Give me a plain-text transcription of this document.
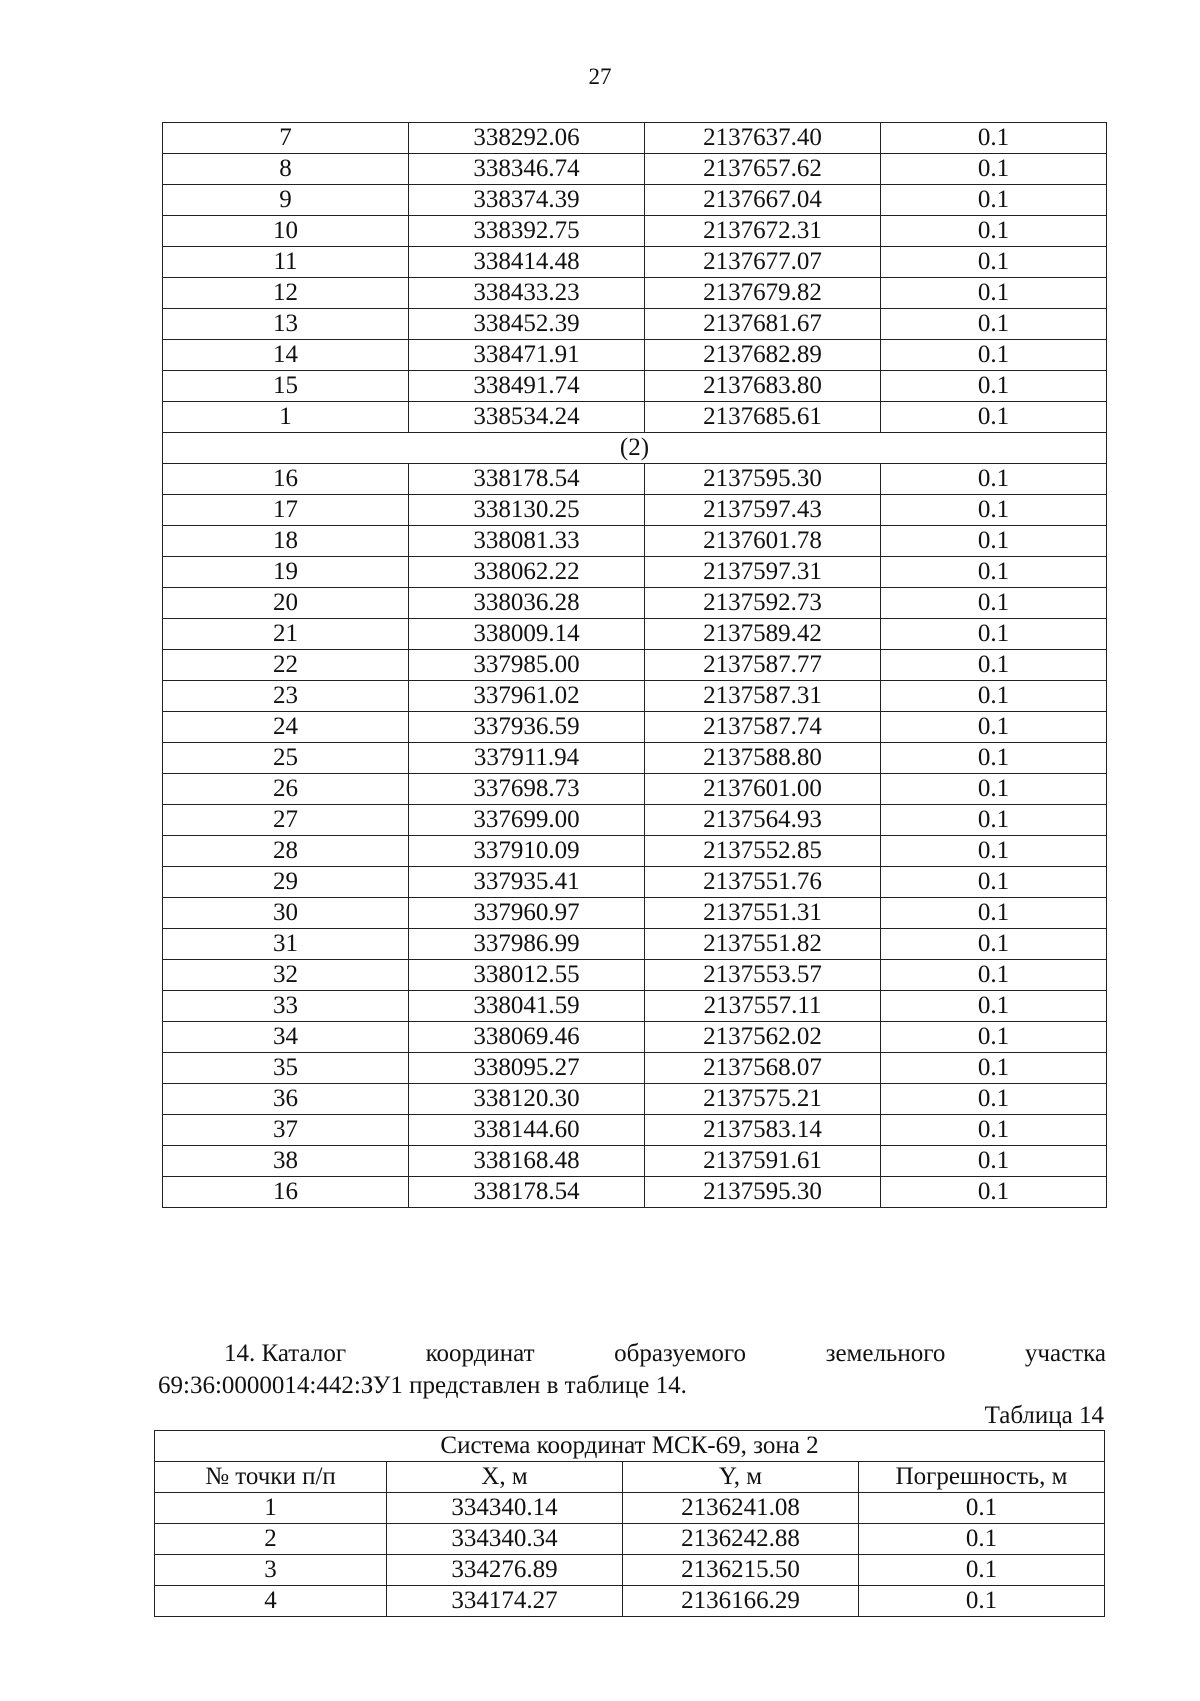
27
7	338292.06	2137637.40	0.1
8	338346.74	2137657.62	0.1
9	338374.39	2137667.04	0.1
10	338392.75	2137672.31	0.1
11	338414.48	2137677.07	0.1
12	338433.23	2137679.82	0.1
13	338452.39	2137681.67	0.1
14	338471.91	2137682.89	0.1
15	338491.74	2137683.80	0.1
1	338534.24	2137685.61	0.1
(2)			
16	338178.54	2137595.30	0.1
17	338130.25	2137597.43	0.1
18	338081.33	2137601.78	0.1
19	338062.22	2137597.31	0.1
20	338036.28	2137592.73	0.1
21	338009.14	2137589.42	0.1
22	337985.00	2137587.77	0.1
23	337961.02	2137587.31	0.1
24	337936.59	2137587.74	0.1
25	337911.94	2137588.80	0.1
26	337698.73	2137601.00	0.1
27	337699.00	2137564.93	0.1
28	337910.09	2137552.85	0.1
29	337935.41	2137551.76	0.1
30	337960.97	2137551.31	0.1
31	337986.99	2137551.82	0.1
32	338012.55	2137553.57	0.1
33	338041.59	2137557.11	0.1
34	338069.46	2137562.02	0.1
35	338095.27	2137568.07	0.1
36	338120.30	2137575.21	0.1
37	338144.60	2137583.14	0.1
38	338168.48	2137591.61	0.1
16	338178.54	2137595.30	0.1
14. Каталог	координат	образуемого	земельного	участка
69:36:0000014:442:ЗУ1 представлен в таблице 14.
Таблица 14
Система координат МСК-69, зона 2			
№ точки п/п	X, м	Y, м	Погрешность, м
1	334340.14	2136241.08	0.1
2	334340.34	2136242.88	0.1
3	334276.89	2136215.50	0.1
4	334174.27	2136166.29	0.1
